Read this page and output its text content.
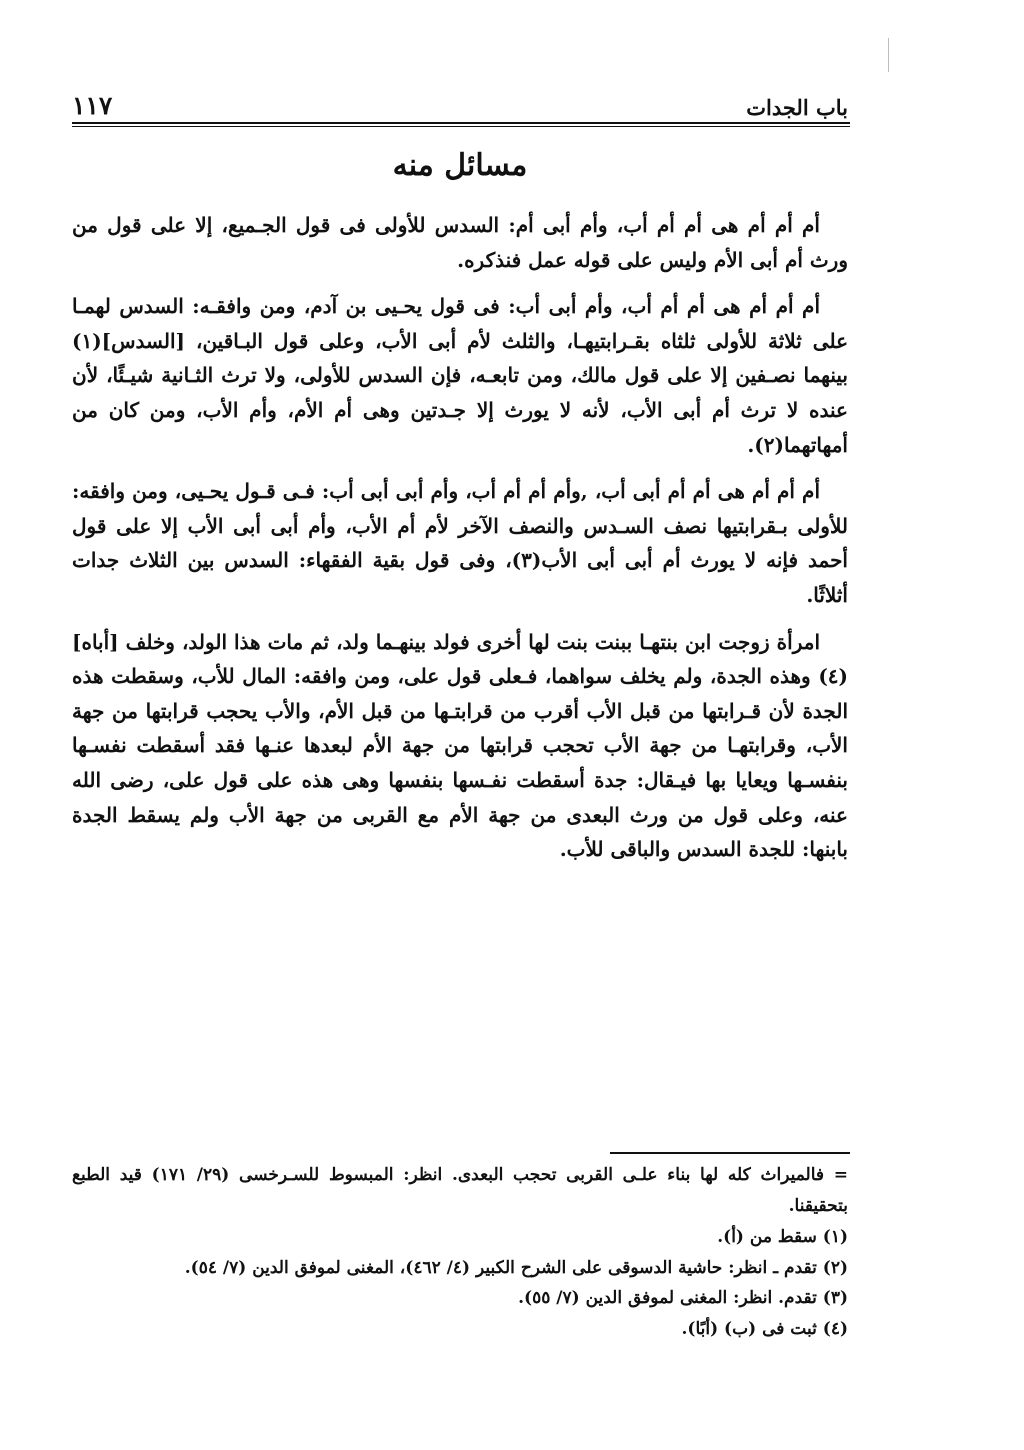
باب الجدات
١١٧
مسائل منه

أم أم أم هى أم أم أب، وأم أبى أم: السدس للأولى فى قول الجـميع، إلا على قول من ورث أم أبى الأم وليس على قوله عمل فنذكره.

أم أم أم هى أم أم أب، وأم أبى أب: فى قول يحـيى بن آدم، ومن وافقـه: السدس لهمـا على ثلاثة للأولى ثلثاه بقـرابتيهـا، والثلث لأم أبى الأب، وعلى قول البـاقين، [السدس](١) بينهما نصـفين إلا على قول مالك، ومن تابعـه، فإن السدس للأولى، ولا ترث الثـانية شيـئًا، لأن عنده لا ترث أم أبى الأب، لأنه لا يورث إلا جـدتين وهى أم الأم، وأم الأب، ومن كان من أمهاتهما(٢).

أم أم أم هى أم أم أبى أب، ,وأم أم أم أب، وأم أبى أبى أب: فـى قـول يحـيى، ومن وافقه: للأولى بـقرابتيها نصف السـدس والنصف الآخر لأم أم الأب، وأم أبى أبى الأب إلا على قول أحمد فإنه لا يورث أم أبى أبى الأب(٣)، وفى قول بقية الفقهاء: السدس بين الثلاث جدات أثلاثًا.

امرأة زوجت ابن بنتهـا ببنت بنت لها أخرى فولد بينهـما ولد، ثم مات هذا الولد، وخلف [أباه](٤) وهذه الجدة، ولم يخلف سواهما، فـعلى قول على، ومن وافقه: المال للأب، وسقطت هذه الجدة لأن قـرابتها من قبل الأب أقرب من قرابتـها من قبل الأم، والأب يحجب قرابتها من جهة الأب، وقرابتهـا من جهة الأب تحجب قرابتها من جهة الأم لبعدها عنـها فقد أسقطت نفسـها بنفسـها ويعايا بها فيـقال: جدة أسقطت نفـسها بنفسها وهى هذه على قول على، رضى الله عنه، وعلى قول من ورث البعدى من جهة الأم مع القربى من جهة الأب ولم يسقط الجدة بابنها: للجدة السدس والباقى للأب.

= فالميراث كله لها بناء علـى القربى تحجب البعدى. انظر: المبسوط للسـرخسى (٢٩/ ١٧١) قيد الطبع بتحقيقنا.

(١) سقط من (أ).

(٢) تقدم ـ انظر: حاشية الدسوقى على الشرح الكبير (٤/ ٤٦٢)، المغنى لموفق الدين (٧/ ٥٤).

(٣) تقدم. انظر: المغنى لموفق الدين (٧/ ٥٥).

(٤) ثبت فى (ب) (أبًا).
